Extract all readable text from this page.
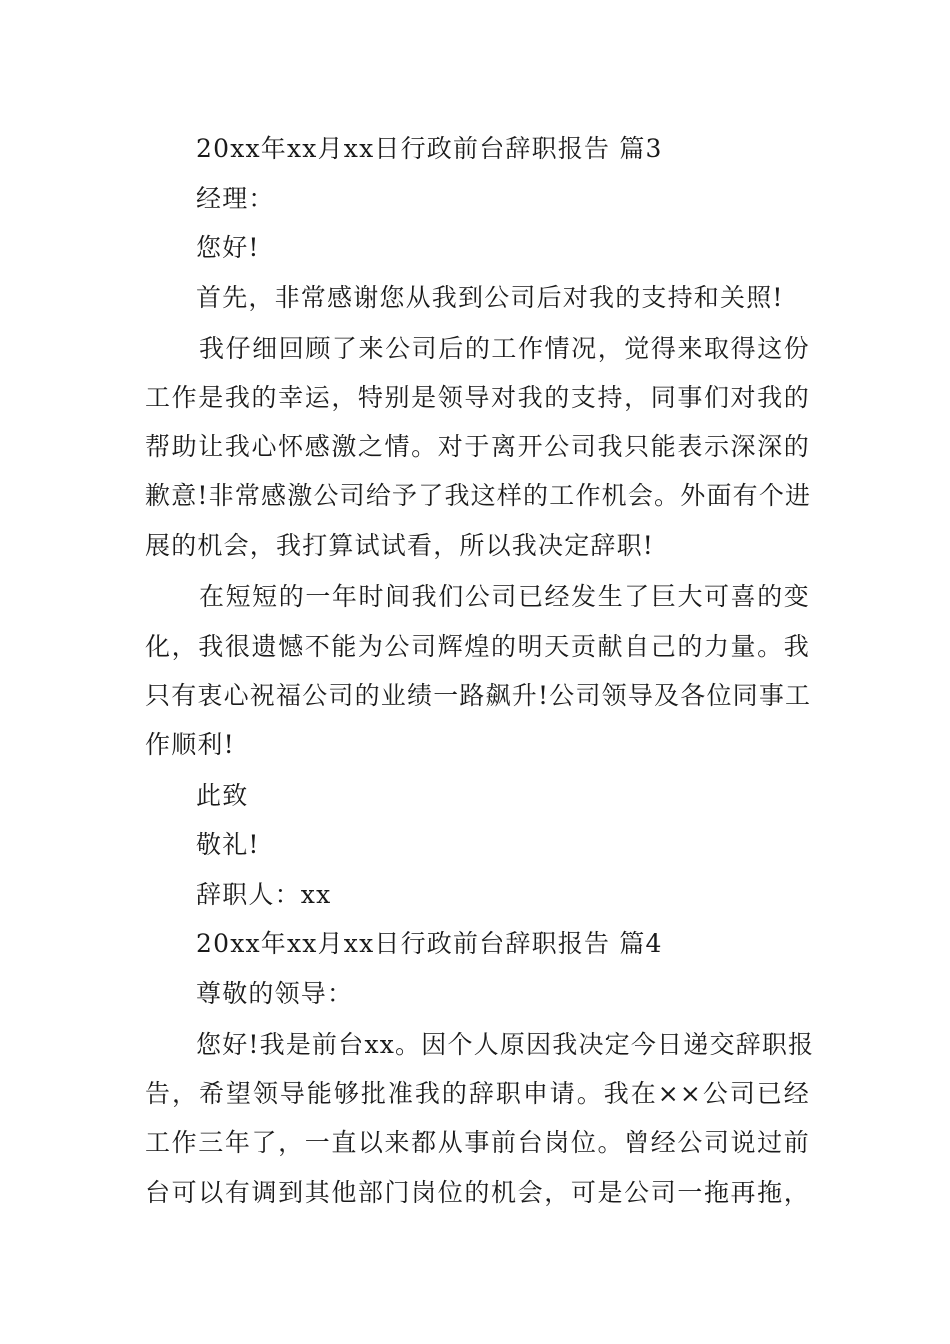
20xx年xx月xx日行政前台辞职报告 篇3
经理：
您好!
首先，非常感谢您从我到公司后对我的支持和关照!
我仔细回顾了来公司后的工作情况，觉得来取得这份
工作是我的幸运，特别是领导对我的支持，同事们对我的
帮助让我心怀感激之情。对于离开公司我只能表示深深的
歉意!非常感激公司给予了我这样的工作机会。外面有个进
展的机会，我打算试试看，所以我决定辞职!
在短短的一年时间我们公司已经发生了巨大可喜的变
化，我很遗憾不能为公司辉煌的明天贡献自己的力量。我
只有衷心祝福公司的业绩一路飙升!公司领导及各位同事工
作顺利!
此致
敬礼!
辞职人：xx
20xx年xx月xx日行政前台辞职报告 篇4
尊敬的领导：
您好!我是前台xx。因个人原因我决定今日递交辞职报
告，希望领导能够批准我的辞职申请。我在××公司已经
工作三年了，一直以来都从事前台岗位。曾经公司说过前
台可以有调到其他部门岗位的机会，可是公司一拖再拖，
